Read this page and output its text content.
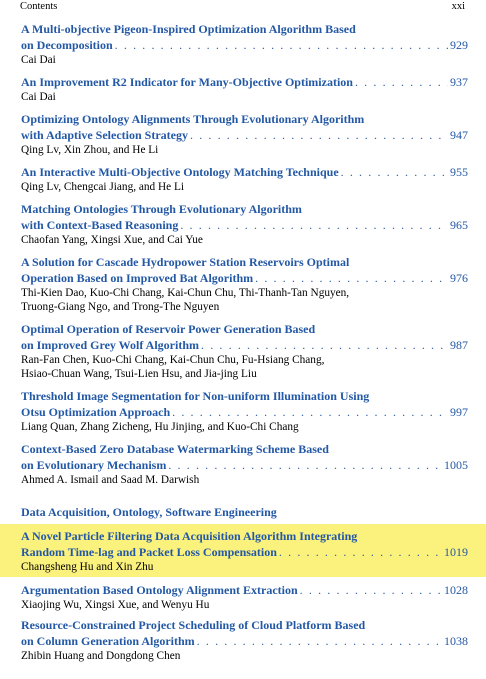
Contents	xxi
A Multi-objective Pigeon-Inspired Optimization Algorithm Based
on Decomposition . . .	929
Cai Dai
An Improvement R2 Indicator for Many-Objective Optimization . . .	937
Cai Dai
Optimizing Ontology Alignments Through Evolutionary Algorithm
with Adaptive Selection Strategy . . .	947
Qing Lv, Xin Zhou, and He Li
An Interactive Multi-Objective Ontology Matching Technique . . .	955
Qing Lv, Chengcai Jiang, and He Li
Matching Ontologies Through Evolutionary Algorithm
with Context-Based Reasoning . . .	965
Chaofan Yang, Xingsi Xue, and Cai Yue
A Solution for Cascade Hydropower Station Reservoirs Optimal
Operation Based on Improved Bat Algorithm . . .	976
Thi-Kien Dao, Kuo-Chi Chang, Kai-Chun Chu, Thi-Thanh-Tan Nguyen,
Truong-Giang Ngo, and Trong-The Nguyen
Optimal Operation of Reservoir Power Generation Based
on Improved Grey Wolf Algorithm . . .	987
Ran-Fan Chen, Kuo-Chi Chang, Kai-Chun Chu, Fu-Hsiang Chang,
Hsiao-Chuan Wang, Tsui-Lien Hsu, and Jia-jing Liu
Threshold Image Segmentation for Non-uniform Illumination Using
Otsu Optimization Approach . . .	997
Liang Quan, Zhang Zicheng, Hu Jinjing, and Kuo-Chi Chang
Context-Based Zero Database Watermarking Scheme Based
on Evolutionary Mechanism . . .	1005
Ahmed A. Ismail and Saad M. Darwish
Data Acquisition, Ontology, Software Engineering
A Novel Particle Filtering Data Acquisition Algorithm Integrating
Random Time-lag and Packet Loss Compensation . . .	1019
Changsheng Hu and Xin Zhu
Argumentation Based Ontology Alignment Extraction . . .	1028
Xiaojing Wu, Xingsi Xue, and Wenyu Hu
Resource-Constrained Project Scheduling of Cloud Platform Based
on Column Generation Algorithm . . .	1038
Zhibin Huang and Dongdong Chen
